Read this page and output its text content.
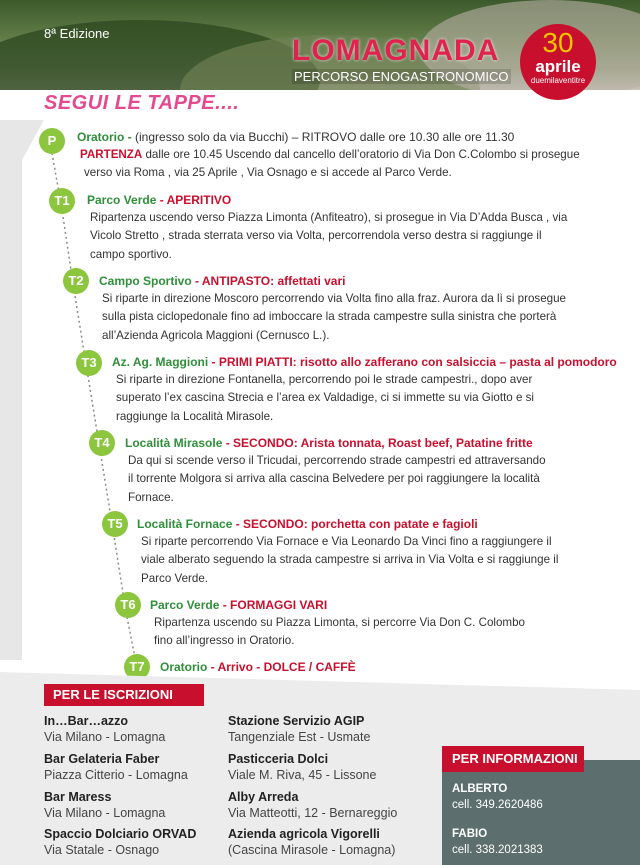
8ª Edizione
LOMAGNADA
PERCORSO ENOGASTRONOMICO
30
aprile
duemilaventitre
SEGUI LE TAPPE....
P	Oratorio - (ingresso solo da via Bucchi) – RITROVO dalle ore 10.30 alle ore 11.30
PARTENZA dalle ore 10.45 Uscendo dal cancello dell’oratorio di Via Don C.Colombo si prosegue
verso via Roma , via 25 Aprile , Via Osnago e si accede al Parco Verde.
T1	Parco Verde - APERITIVO
Ripartenza uscendo verso Piazza Limonta (Anfiteatro), si prosegue in Via D’Adda Busca , via
Vicolo Stretto , strada sterrata verso via Volta, percorrendola verso destra si raggiunge il
campo sportivo.
T2	Campo Sportivo - ANTIPASTO: affettati vari
Si riparte in direzione Moscoro percorrendo via Volta fino alla fraz. Aurora da lì si prosegue
sulla pista ciclopedonale fino ad imboccare la strada campestre sulla sinistra che porterà
all’Azienda Agricola Maggioni (Cernusco L.).
T3	Az. Ag. Maggioni - PRIMI PIATTI: risotto allo zafferano con salsiccia – pasta al pomodoro
Si riparte in direzione Fontanella, percorrendo poi le strade campestri., dopo aver
superato l’ex cascina Strecia e l’area ex Valdadige, ci si immette su via Giotto e si
raggiunge la Località Mirasole.
T4	Località Mirasole - SECONDO: Arista tonnata, Roast beef, Patatine fritte
Da qui si scende verso il Tricudai, percorrendo strade campestri ed attraversando
il torrente Molgora si arriva alla cascina Belvedere per poi raggiungere la località
Fornace.
T5	Località Fornace - SECONDO: porchetta con patate e fagioli
Si riparte percorrendo Via Fornace e Via Leonardo Da Vinci fino a raggiungere il
viale alberato seguendo la strada campestre si arriva in Via Volta e si raggiunge il
Parco Verde.
T6	Parco Verde - FORMAGGI VARI
Ripartenza uscendo su Piazza Limonta, si percorre Via Don C. Colombo
fino all’ingresso in Oratorio.
T7	Oratorio - Arrivo - DOLCE / CAFFÈ
PER LE ISCRIZIONI
In…Bar…azzo
Via Milano - Lomagna
Bar Gelateria Faber
Piazza Citterio - Lomagna
Bar Maress
Via Milano - Lomagna
Spaccio Dolciario ORVAD
Via Statale - Osnago
Stazione Servizio AGIP
Tangenziale Est - Usmate
Pasticceria Dolci
Viale M. Riva, 45 - Lissone
Alby Arreda
Via Matteotti, 12 - Bernareggio
Azienda agricola Vigorelli
(Cascina Mirasole - Lomagna)
PER INFORMAZIONI
ALBERTO
cell. 349.2620486
FABIO
cell. 338.2021383
